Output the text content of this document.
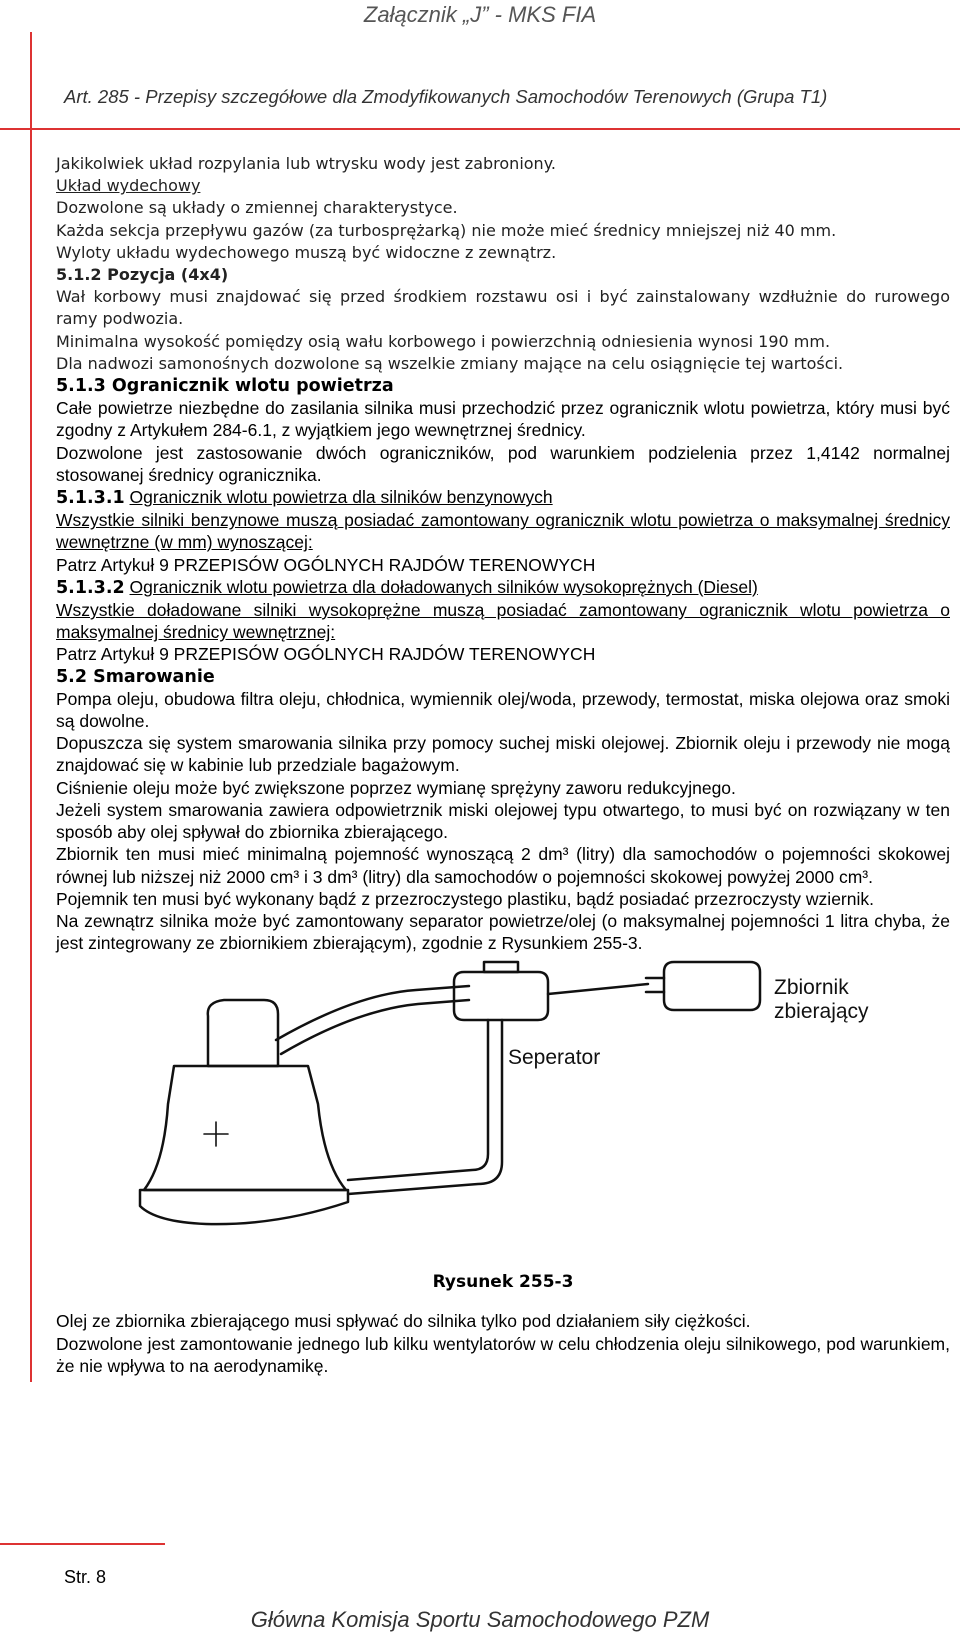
Załącznik „J” - MKS FIA
Art. 285 - Przepisy szczegółowe dla Zmodyfikowanych Samochodów Terenowych (Grupa T1)

Jakikolwiek układ rozpylania lub wtrysku wody jest zabroniony.

Układ wydechowy

Dozwolone są układy o zmiennej charakterystyce.

Każda sekcja przepływu gazów (za turbosprężarką) nie może mieć średnicy mniejszej niż 40 mm.

Wyloty układu wydechowego muszą być widoczne z zewnątrz.

5.1.2 Pozycja (4x4)

Wał korbowy musi znajdować się przed środkiem rozstawu osi i być zainstalowany wzdłużnie do rurowego ramy podwozia.

Minimalna wysokość pomiędzy osią wału korbowego i powierzchnią odniesienia wynosi 190 mm.

Dla nadwozi samonośnych dozwolone są wszelkie zmiany mające na celu osiągnięcie tej wartości.

5.1.3 Ogranicznik wlotu powietrza

Całe powietrze niezbędne do zasilania silnika musi przechodzić przez ogranicznik wlotu powietrza, który musi być zgodny z Artykułem 284-6.1, z wyjątkiem jego wewnętrznej średnicy.

Dozwolone jest zastosowanie dwóch ograniczników, pod warunkiem podzielenia przez 1,4142 normalnej stosowanej średnicy ogranicznika.

5.1.3.1 Ogranicznik wlotu powietrza dla silników benzynowych

Wszystkie silniki benzynowe muszą posiadać zamontowany ogranicznik wlotu powietrza o maksymalnej średnicy wewnętrzne (w mm) wynoszącej:

Patrz Artykuł 9 PRZEPISÓW OGÓLNYCH RAJDÓW TERENOWYCH

5.1.3.2 Ogranicznik wlotu powietrza dla doładowanych silników wysokoprężnych (Diesel)

Wszystkie doładowane silniki wysokoprężne muszą posiadać zamontowany ogranicznik wlotu powietrza o maksymalnej średnicy wewnętrznej:

Patrz Artykuł 9 PRZEPISÓW OGÓLNYCH RAJDÓW TERENOWYCH

5.2 Smarowanie

Pompa oleju, obudowa filtra oleju, chłodnica, wymiennik olej/woda, przewody, termostat, miska olejowa oraz smoki są dowolne.

Dopuszcza się system smarowania silnika przy pomocy suchej miski olejowej. Zbiornik oleju i przewody nie mogą znajdować się w kabinie lub przedziale bagażowym.

Ciśnienie oleju może być zwiększone poprzez wymianę sprężyny zaworu redukcyjnego.

Jeżeli system smarowania zawiera odpowietrznik miski olejowej typu otwartego, to musi być on rozwiązany w ten sposób aby olej spływał do zbiornika zbierającego.

Zbiornik ten musi mieć minimalną pojemność wynoszącą 2 dm³ (litry) dla samochodów o pojemności skokowej równej lub niższej niż 2000 cm³ i 3 dm³ (litry) dla samochodów o pojemności skokowej powyżej 2000 cm³.

Pojemnik ten musi być wykonany bądź z przezroczystego plastiku, bądź posiadać przezroczysty wziernik.

Na zewnątrz silnika może być zamontowany separator powietrze/olej (o maksymalnej pojemności 1 litra chyba, że jest zintegrowany ze zbiornikiem zbierającym), zgodnie z Rysunkiem 255-3.

Seperator
Zbiornik
zbierający

Rysunek 255-3

Olej ze zbiornika zbierającego musi spływać do silnika tylko pod działaniem siły ciężkości.

Dozwolone jest zamontowanie jednego lub kilku wentylatorów w celu chłodzenia oleju silnikowego, pod warunkiem, że nie wpływa to na aerodynamikę.

Str. 8
Główna Komisja Sportu Samochodowego PZM
